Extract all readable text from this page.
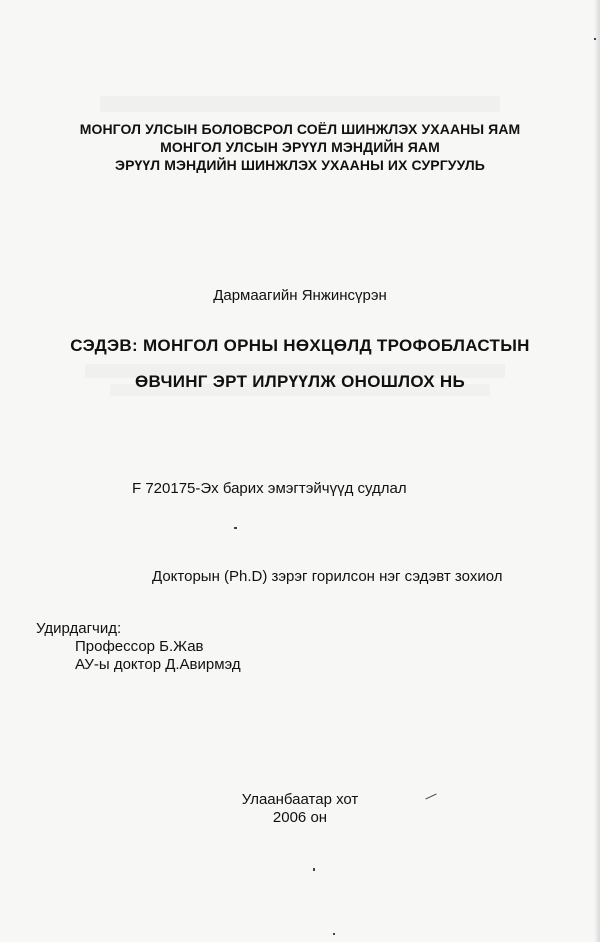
МОНГОЛ УЛСЫН БОЛОВСРОЛ СОЁЛ ШИНЖЛЭХ УХААНЫ ЯАМ
МОНГОЛ УЛСЫН ЭРҮҮЛ МЭНДИЙН ЯАМ
ЭРҮҮЛ МЭНДИЙН ШИНЖЛЭХ УХААНЫ ИХ СУРГУУЛЬ
Дармаагийн Янжинсүрэн
СЭДЭВ: МОНГОЛ ОРНЫ НӨХЦӨЛД ТРОФОБЛАСТЫН
ӨВЧИНГ ЭРТ ИЛРҮҮЛЖ ОНОШЛОХ НЬ
F 720175-Эх барих эмэгтэйчүүд судлал
Докторын (Ph.D) зэрэг горилсон нэг сэдэвт зохиол
Удирдагчид:
Профессор Б.Жав
АУ-ы доктор Д.Авирмэд
Улаанбаатар хот
2006 он
